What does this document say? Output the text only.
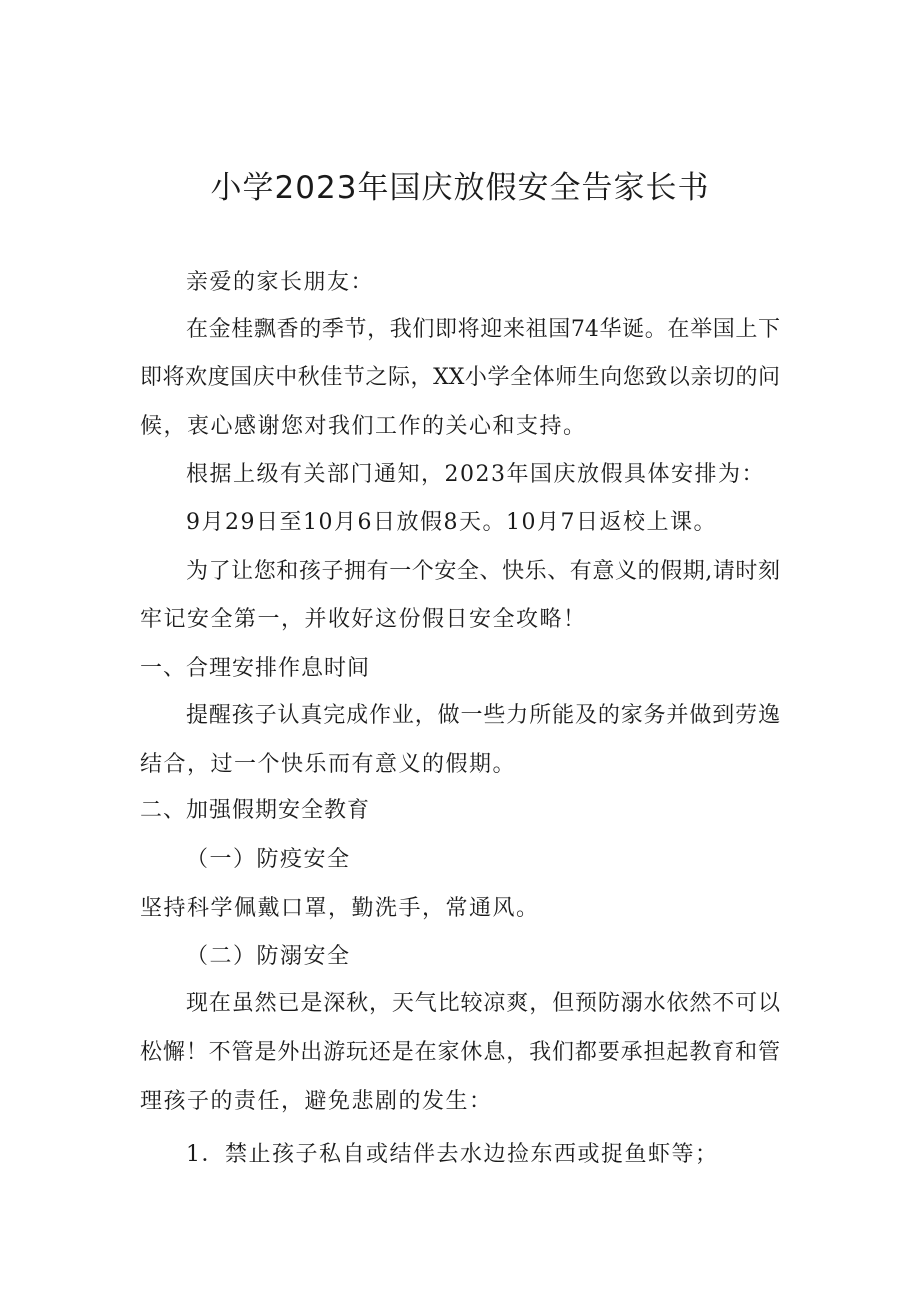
小学2023年国庆放假安全告家长书

亲爱的家长朋友：

在金桂飘香的季节，我们即将迎来祖国74华诞。在举国上下

即将欢度国庆中秋佳节之际，XX小学全体师生向您致以亲切的问

候，衷心感谢您对我们工作的关心和支持。

根据上级有关部门通知，2023年国庆放假具体安排为：

9月29日至10月6日放假8天。10月7日返校上课。

为了让您和孩子拥有一个安全、快乐、有意义的假期,请时刻

牢记安全第一，并收好这份假日安全攻略！

一、合理安排作息时间

提醒孩子认真完成作业，做一些力所能及的家务并做到劳逸

结合，过一个快乐而有意义的假期。

二、加强假期安全教育

（一）防疫安全

坚持科学佩戴口罩，勤洗手，常通风。

（二）防溺安全

现在虽然已是深秋，天气比较凉爽，但预防溺水依然不可以

松懈！不管是外出游玩还是在家休息，我们都要承担起教育和管

理孩子的责任，避免悲剧的发生：

1．禁止孩子私自或结伴去水边捡东西或捉鱼虾等；
